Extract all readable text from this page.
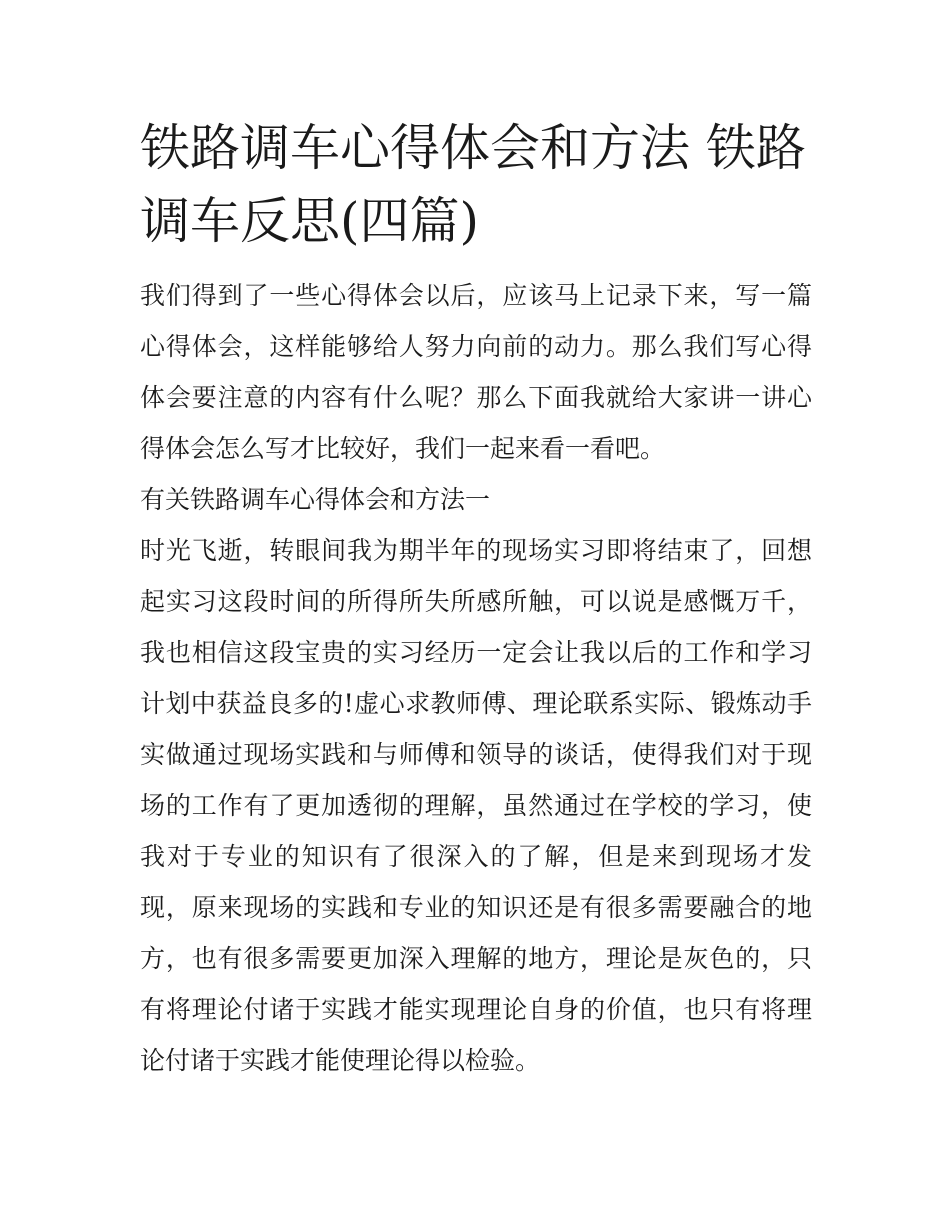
铁路调车心得体会和方法 铁路调车反思(四篇)

我们得到了一些心得体会以后，应该马上记录下来，写一篇心得体会，这样能够给人努力向前的动力。那么我们写心得体会要注意的内容有什么呢？那么下面我就给大家讲一讲心得体会怎么写才比较好，我们一起来看一看吧。

有关铁路调车心得体会和方法一

时光飞逝，转眼间我为期半年的现场实习即将结束了，回想起实习这段时间的所得所失所感所触，可以说是感慨万千，我也相信这段宝贵的实习经历一定会让我以后的工作和学习计划中获益良多的!虚心求教师傅、理论联系实际、锻炼动手实做通过现场实践和与师傅和领导的谈话，使得我们对于现场的工作有了更加透彻的理解，虽然通过在学校的学习，使我对于专业的知识有了很深入的了解，但是来到现场才发现，原来现场的实践和专业的知识还是有很多需要融合的地方，也有很多需要更加深入理解的地方，理论是灰色的，只有将理论付诸于实践才能实现理论自身的价值，也只有将理论付诸于实践才能使理论得以检验。
